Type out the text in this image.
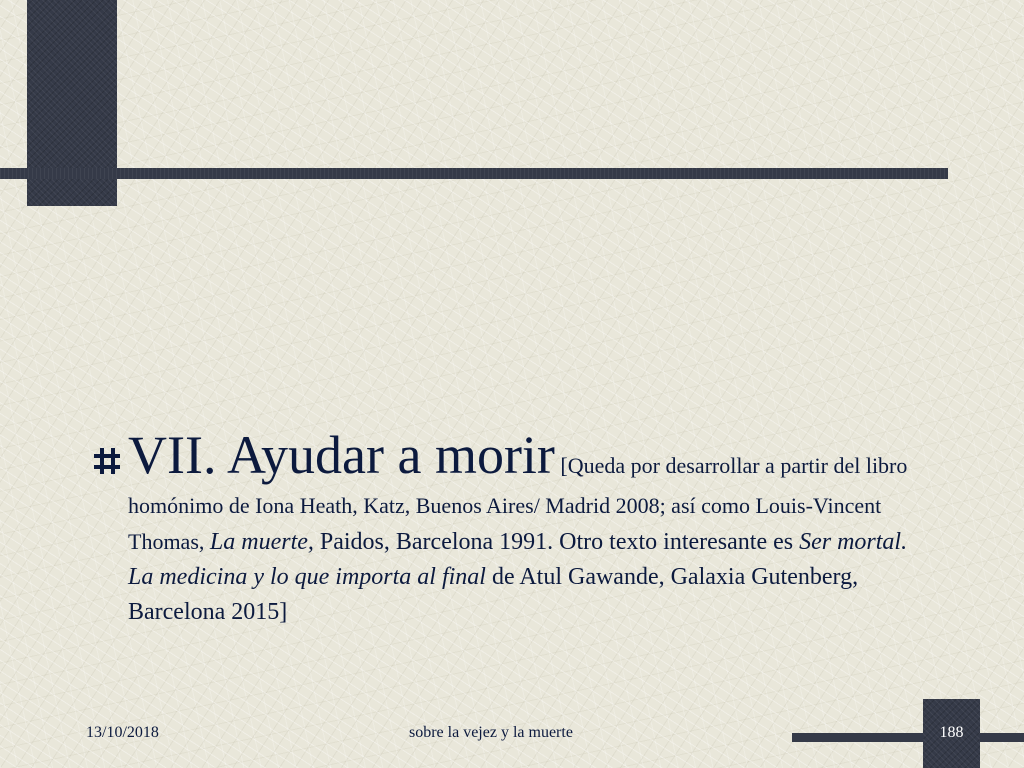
VII. Ayudar a morir [Queda por desarrollar a partir del libro homónimo de Iona Heath, Katz, Buenos Aires/ Madrid 2008; así como Louis-Vincent Thomas, La muerte, Paidos, Barcelona 1991. Otro texto interesante es Ser mortal. La medicina y lo que importa al final de Atul Gawande, Galaxia Gutenberg, Barcelona 2015]

13/10/2018	sobre la vejez y la muerte	188
